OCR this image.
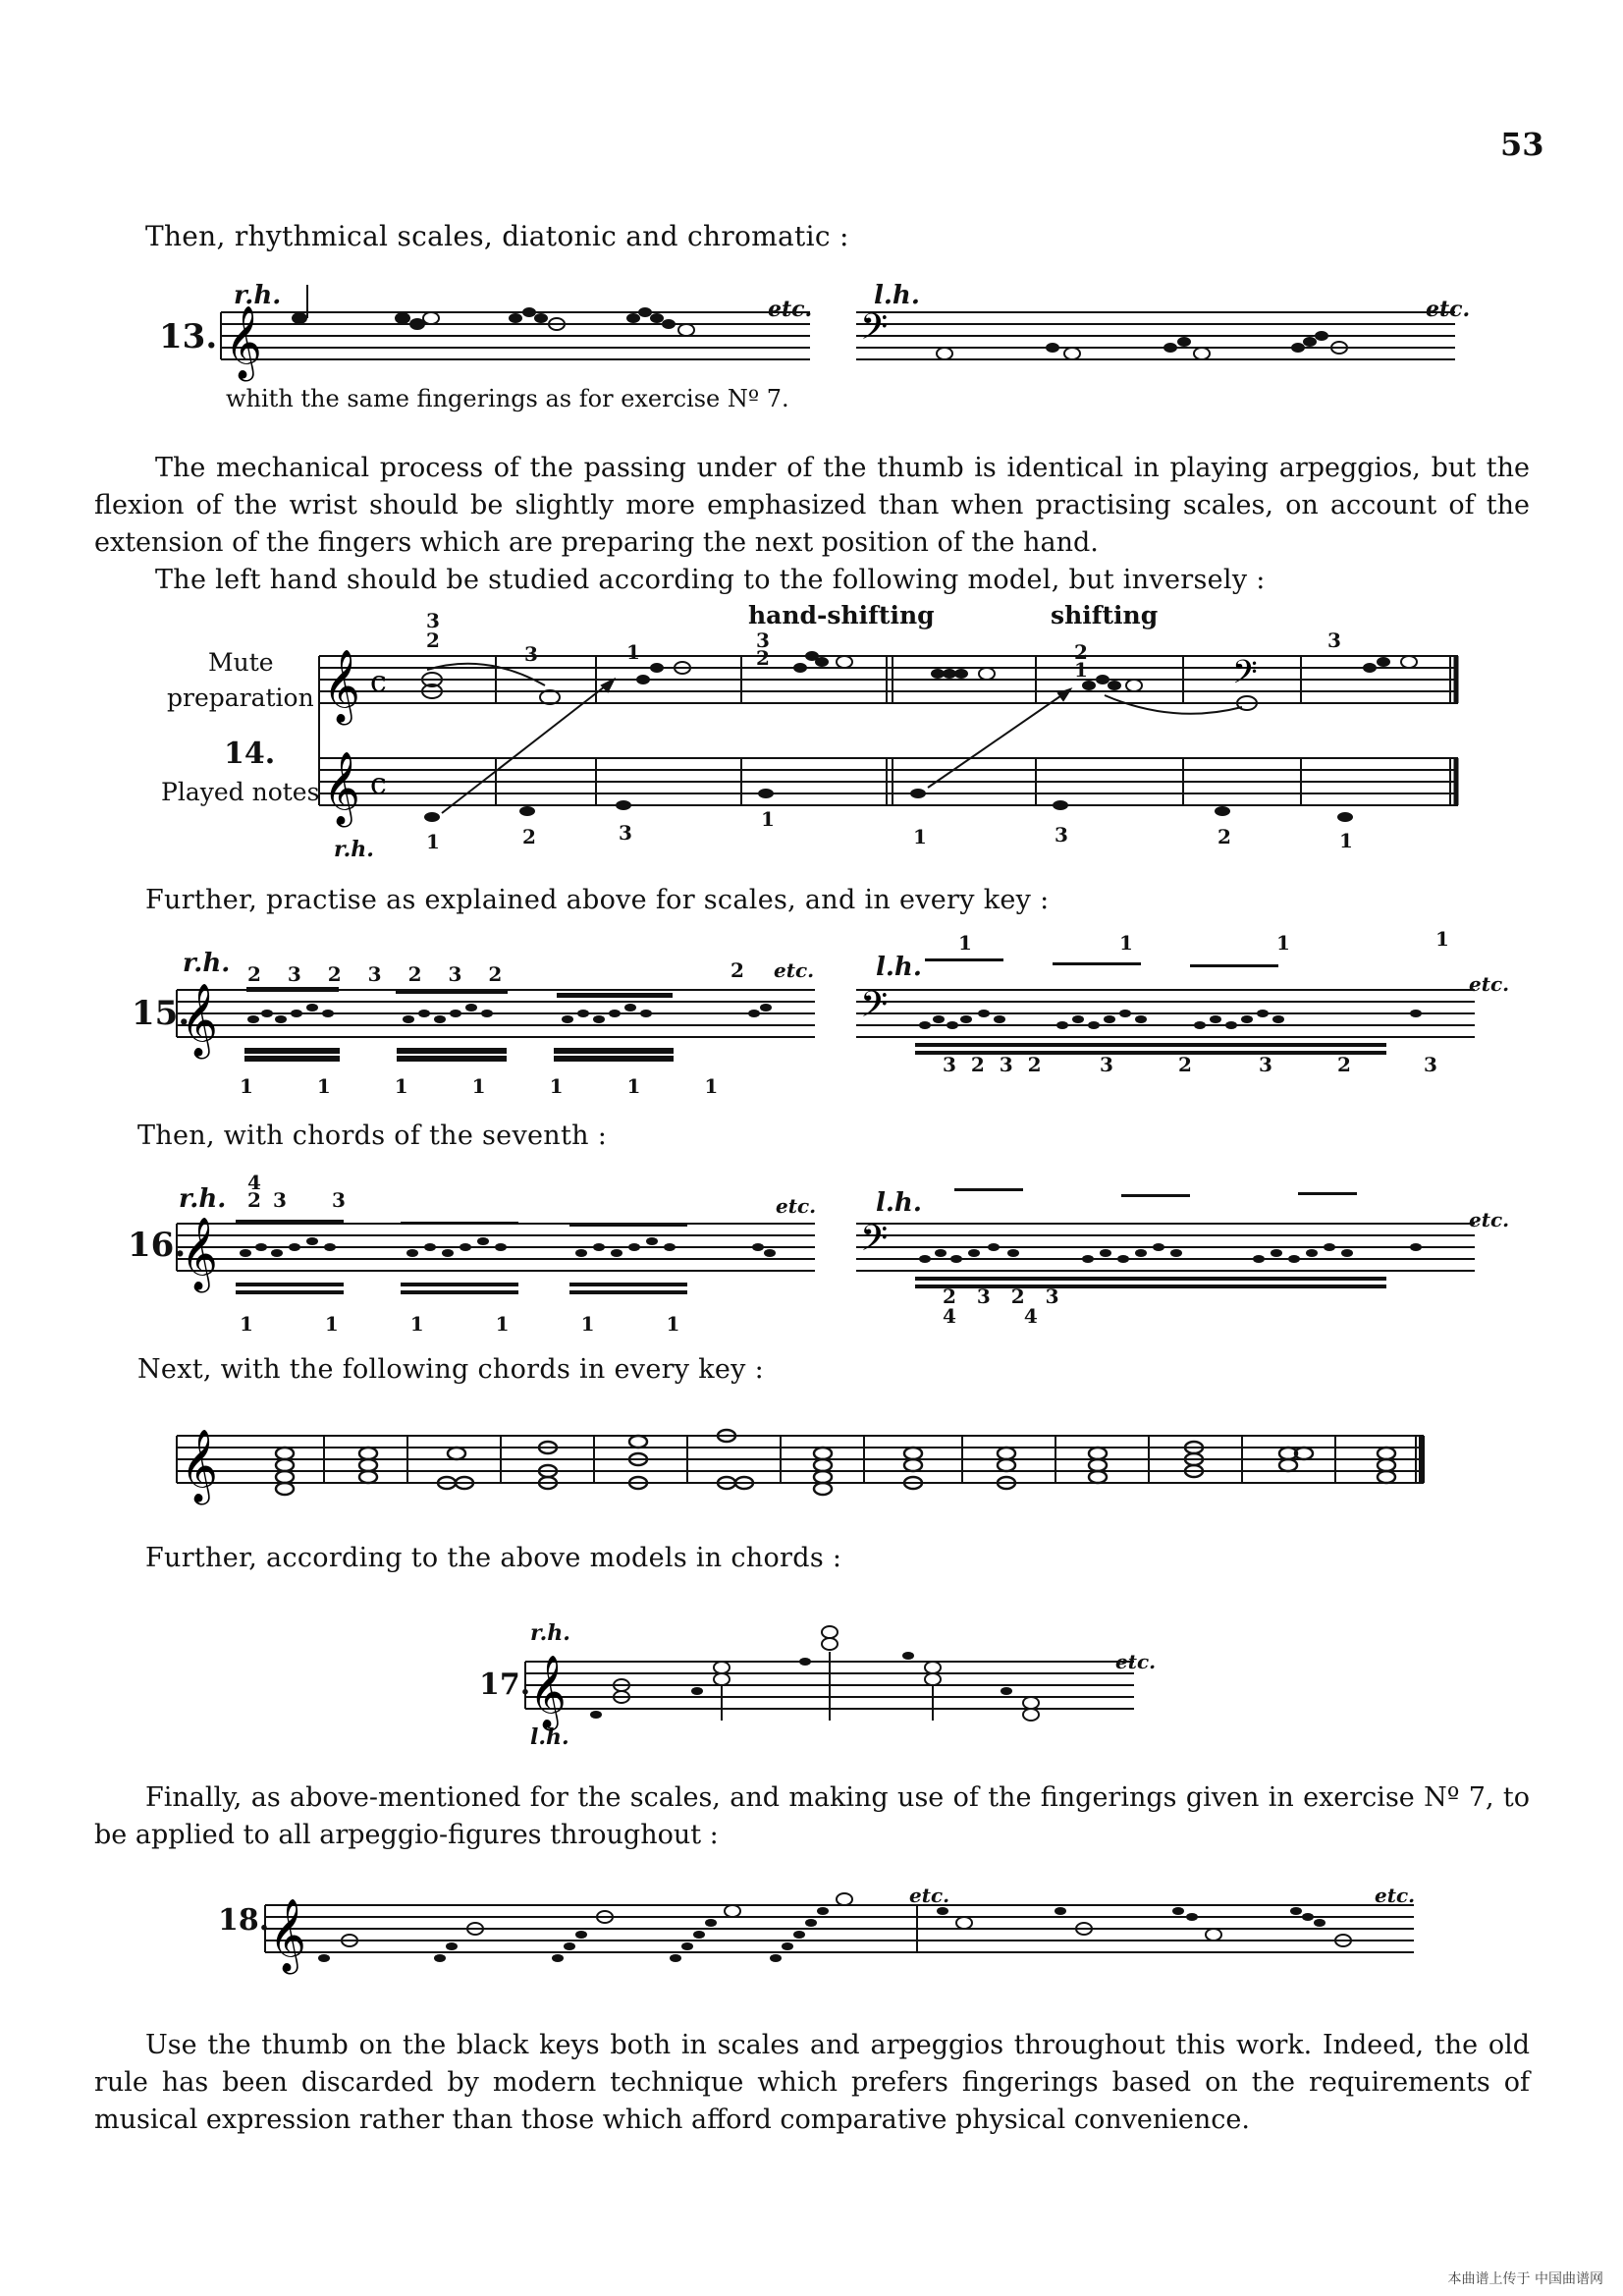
53
Then, rhythmical scales, diatonic and chromatic :
13.
r.h.	l.h.
etc.	etc.
𝄞	𝄢
whith the same fingerings as for exercise Nº 7.
The mechanical process of the passing under of the thumb is identical in playing arpeggios, but the flexion of the wrist should be slightly more emphasized than when practising scales, on account of the extension of the fingers which are preparing the next position of the hand.
The left hand should be studied according to the following model, but inversely :
hand-shifting	shifting
Mute
preparation
14.
Played notes
r.h.
𝄞 c	𝄢
𝄞 c
1	2	3
1
1	3	2	1
3
2
3	1	3
2
3
2
1
Further, practise as explained above for scales, and in every key :
15.
r.h.	l.h.
etc.
etc.
𝄞	𝄢
2 3 2 3 2 3 2	2
1	1	1	1	1	1	1
3 2 3 2	3	2	3	2	3
1	1	1	1
Then, with chords of the seventh :
16.
r.h.	l.h.
etc.
etc.
𝄞	𝄢
4
2 3 3
1	1	1	1	1	1
2 3 2 3
4	4
Next, with the following chords in every key :
𝄞
Further, according to the above models in chords :
17.
r.h.
l.h.
etc.
𝄞
Finally, as above-mentioned for the scales, and making use of the fingerings given in exercise Nº 7, to be applied to all arpeggio-figures throughout :
18.
etc.	etc.
𝄞
Use the thumb on the black keys both in scales and arpeggios throughout this work. Indeed, the old rule has been discarded by modern technique which prefers fingerings based on the requirements of musical expression rather than those which afford comparative physical convenience.
本曲谱上传于 中国曲谱网
